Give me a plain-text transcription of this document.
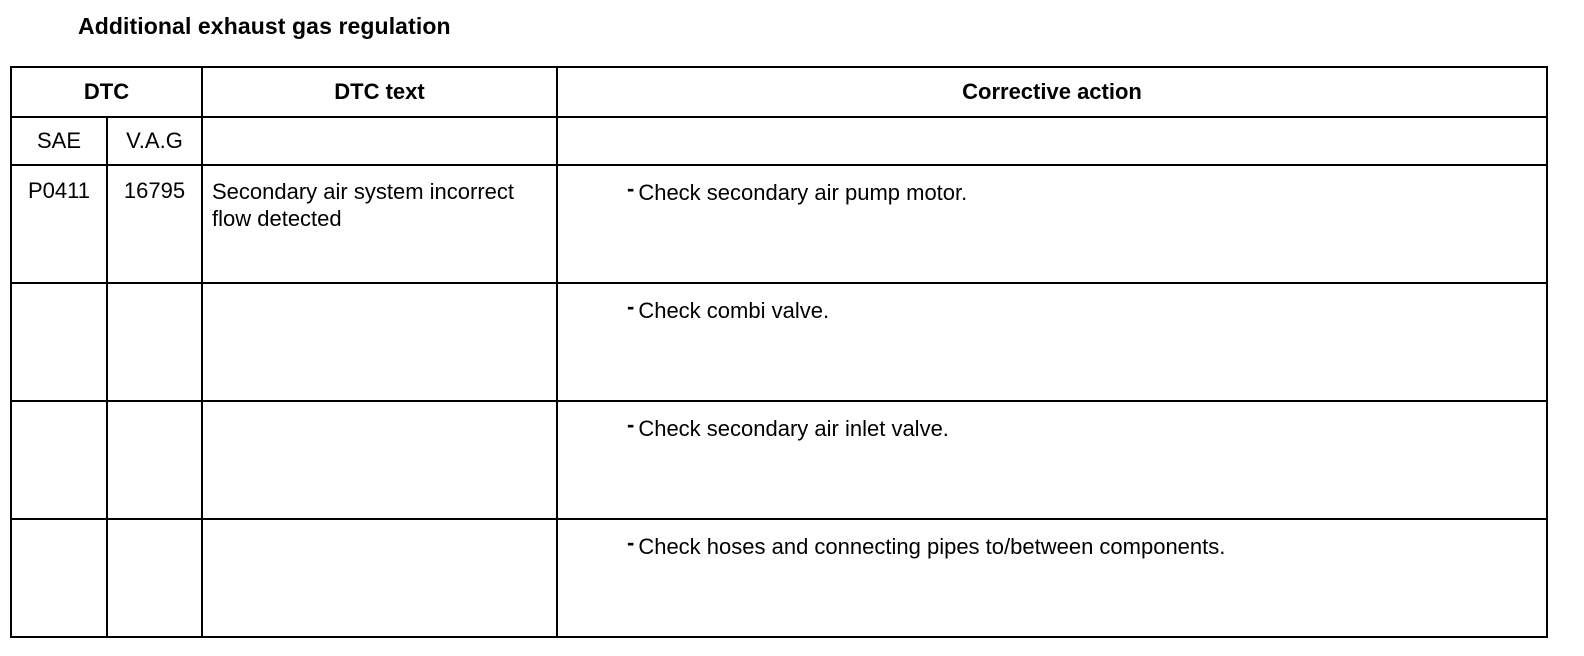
Additional exhaust gas regulation
DTC		DTC text	Corrective action
SAE	V.A.G		
P0411	16795	Secondary air system incorrect flow detected	- Check secondary air pump motor.
			- Check combi valve.
			- Check secondary air inlet valve.
			- Check hoses and connecting pipes to/between components.
